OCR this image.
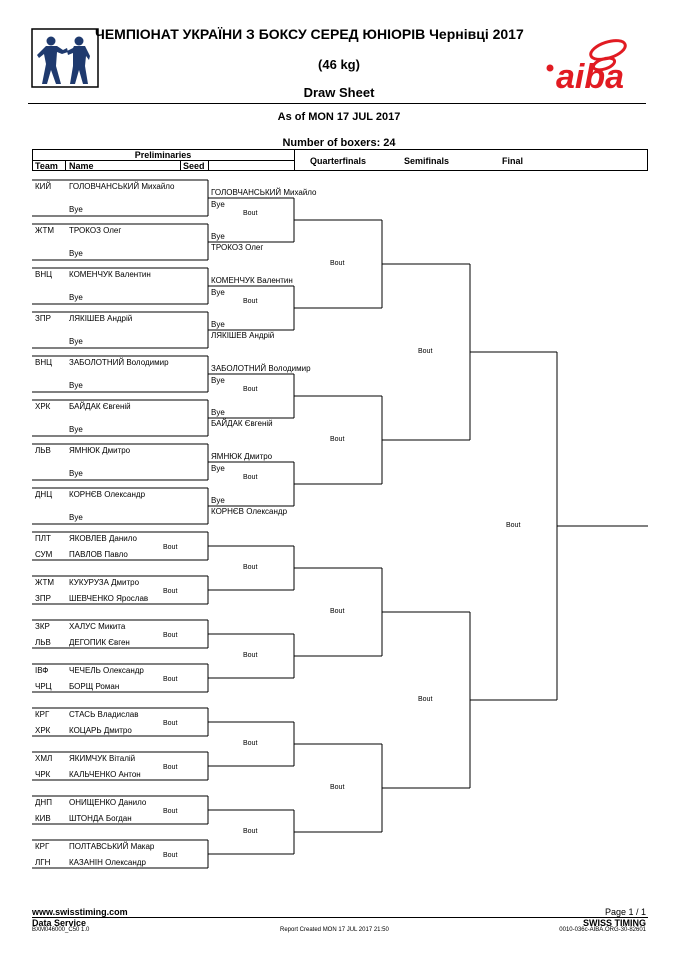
ЧЕМПІОНАТ УКРАЇНИ З БОКСУ СЕРЕД ЮНІОРІВ Чернівці 2017
aiba
(46 kg)
Draw Sheet
As of MON 17 JUL 2017
Number of boxers: 24
Preliminaries
Team Name	Seed	Quarterfinals	Semifinals	Final
КИЙ ГОЛОВЧАНСЬКИЙ Михайло
Bye
ЖТМ ТРОКОЗ Олег
Bye
ВНЦ КОМЕНЧУК Валентин
Bye
ЗПР ЛЯКІШЕВ Андрій
Bye
ВНЦ ЗАБОЛОТНИЙ Володимир
Bye
ХРК БАЙДАК Євгеній
Bye
ЛЬВ ЯМНЮК Дмитро
Bye
ДНЦ КОРНЄВ Олександр
Bye
ПЛТ ЯКОВЛЕВ Данило
Bout
СУМ ПАВЛОВ Павло
ЖТМ КУКУРУЗА Дмитро
Bout
ЗПР ШЕВЧЕНКО Ярослав
ЗКР ХАЛУС Микита
Bout
ЛЬВ ДЕГОПИК Євген
ІВФ	ЧЕЧЕЛЬ Олександр
Bout
ЧРЦ БОРЩ Роман
КРГ СТАСЬ Владислав
Bout
ХРК КОЦАРЬ Дмитро
ХМЛ ЯКИМЧУК Віталій
Bout
ЧРК КАЛЬЧЕНКО Антон
ДНП ОНИЩЕНКО Данило
Bout
КИВ ШТОНДА Богдан
КРГ ПОЛТАВСЬКИЙ Макар
Bout
ЛГН КАЗАНІН Олександр
ГОЛОВЧАНСЬКИЙ Михайло
Bye
Bout
Bye
ТРОКОЗ Олег
КОМЕНЧУК Валентин
Bye
Bout
Bye
ЛЯКІШЕВ Андрій
ЗАБОЛОТНИЙ Володимир
Bye
Bout
Bye
БАЙДАК Євгеній
ЯМНЮК Дмитро
Bye
Bout
Bye
КОРНЄВ Олександр
Bout
Bout
Bout
Bout
Bout
Bout
Bout
Bout
Bout
Bout
Bout
www.swisstiming.com
Data Service
BXM046000_C50 1.0	Report Created MON 17 JUL 2017 21:50
Page 1 / 1
SWISS TIMING
0010-036c-AIBA.ORG-30-82601
